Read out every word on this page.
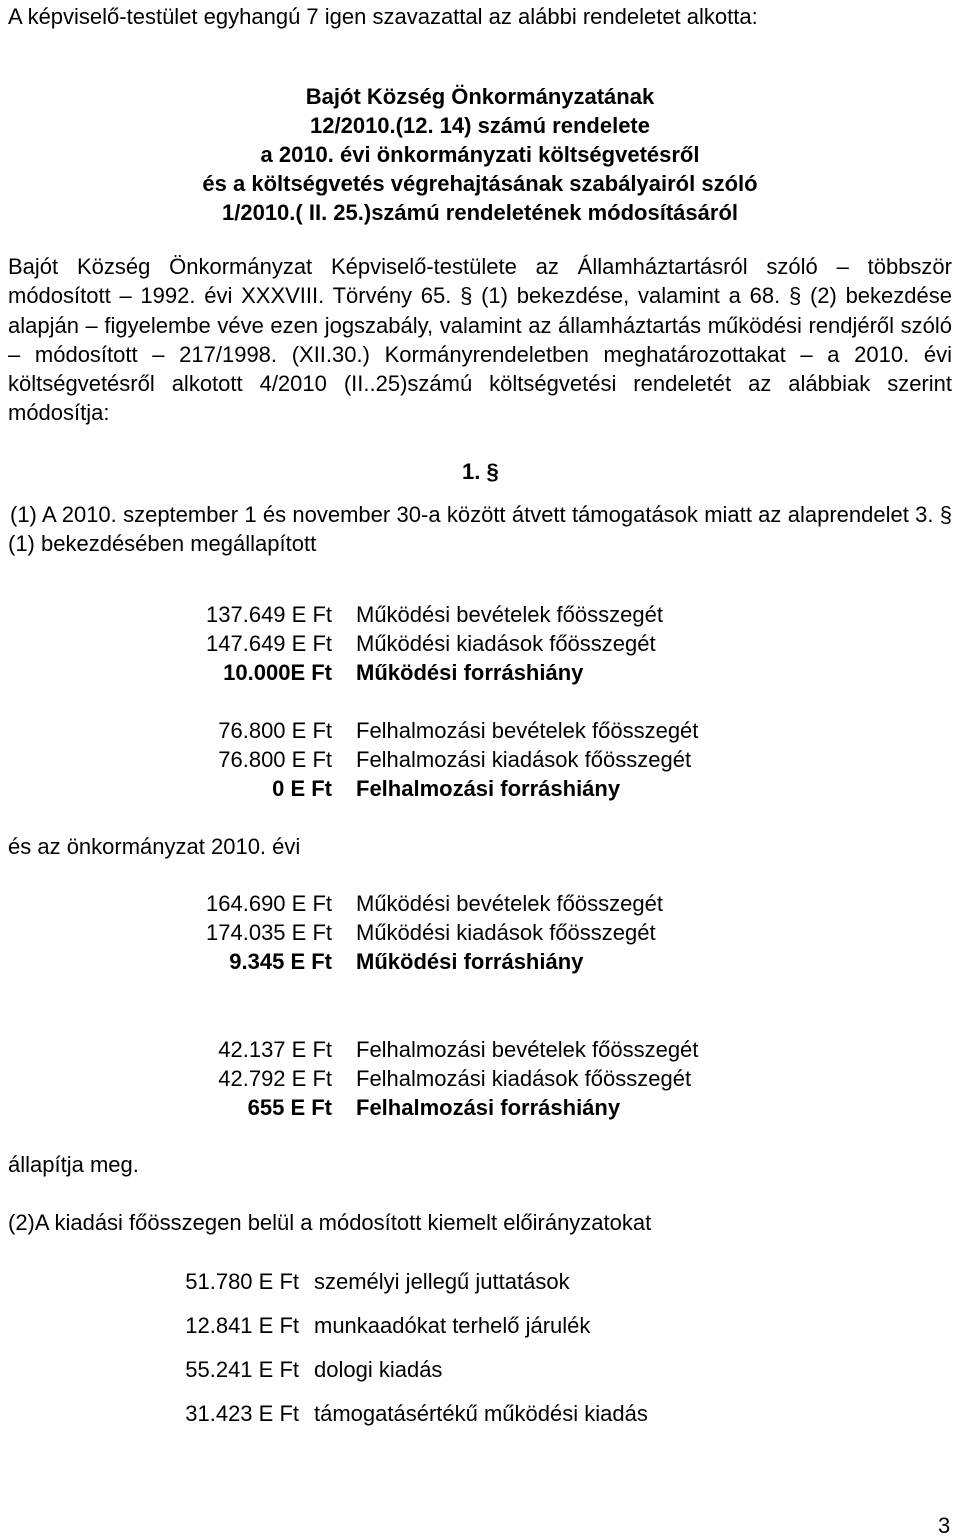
A képviselő-testület egyhangú 7 igen szavazattal az alábbi rendeletet alkotta:
Bajót Község Önkormányzatának
12/2010.(12. 14) számú rendelete
a 2010. évi önkormányzati költségvetésről
és a költségvetés végrehajtásának szabályairól szóló
1/2010.( II. 25.)számú rendeletének módosításáról
Bajót Község Önkormányzat Képviselő-testülete az Államháztartásról szóló – többször módosított – 1992. évi XXXVIII. Törvény 65. § (1) bekezdése, valamint a 68. § (2) bekezdése alapján – figyelembe véve ezen jogszabály, valamint az államháztartás működési rendjéről szóló – módosított – 217/1998. (XII.30.) Kormányrendeletben meghatározottakat – a 2010. évi költségvetésről alkotott 4/2010 (II..25)számú költségvetési rendeletét az alábbiak szerint módosítja:
1. §
(1) A 2010. szeptember 1 és november 30-a között átvett támogatások miatt az alaprendelet 3. § (1) bekezdésében megállapított
137.649 E Ft Működési bevételek főösszegét
147.649 E Ft Működési kiadások főösszegét
10.000E Ft Működési forráshiány
76.800 E Ft Felhalmozási bevételek főösszegét
76.800 E Ft Felhalmozási kiadások főösszegét
0 E Ft Felhalmozási forráshiány
és az önkormányzat 2010. évi
164.690 E Ft Működési bevételek főösszegét
174.035 E Ft Működési kiadások főösszegét
9.345 E Ft Működési forráshiány
42.137 E Ft Felhalmozási bevételek főösszegét
42.792 E Ft Felhalmozási kiadások főösszegét
655 E Ft Felhalmozási forráshiány
állapítja meg.
(2)A kiadási főösszegen belül a módosított kiemelt előirányzatokat
51.780 E Ft személyi jellegű juttatások
12.841 E Ft munkaadókat terhelő járulék
55.241 E Ft dologi kiadás
31.423 E Ft támogatásértékű működési kiadás
3
